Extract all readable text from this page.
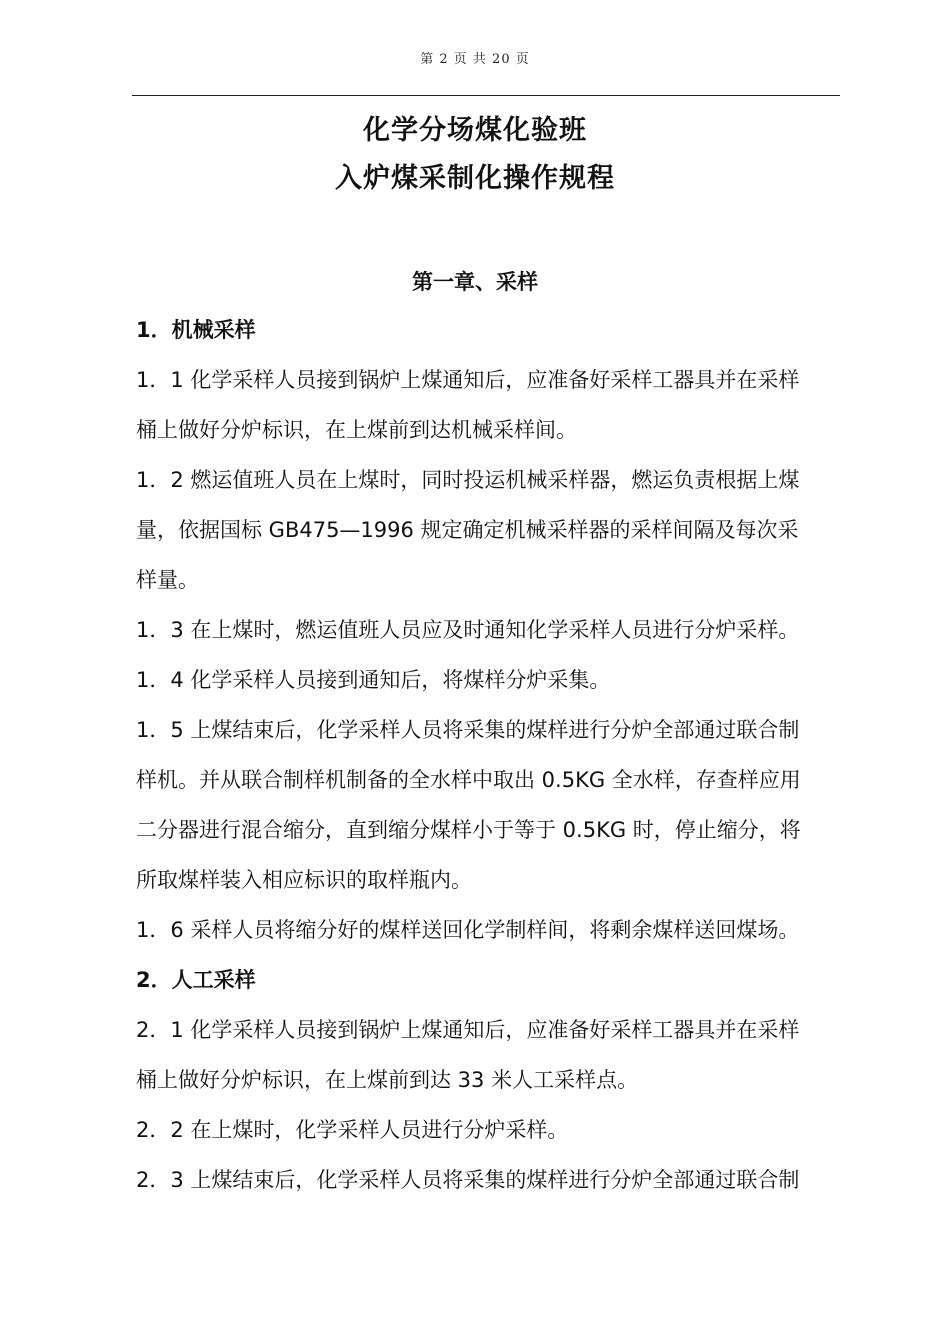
第 2 页 共 20 页
化学分场煤化验班
入炉煤采制化操作规程
第一章、采样
1．机械采样
1．1 化学采样人员接到锅炉上煤通知后，应准备好采样工器具并在采样
桶上做好分炉标识，在上煤前到达机械采样间。
1．2 燃运值班人员在上煤时，同时投运机械采样器，燃运负责根据上煤
量，依据国标 GB475—1996 规定确定机械采样器的采样间隔及每次采
样量。
1．3 在上煤时，燃运值班人员应及时通知化学采样人员进行分炉采样。
1．4 化学采样人员接到通知后，将煤样分炉采集。
1．5 上煤结束后，化学采样人员将采集的煤样进行分炉全部通过联合制
样机。并从联合制样机制备的全水样中取出 0.5KG 全水样，存查样应用
二分器进行混合缩分，直到缩分煤样小于等于 0.5KG 时，停止缩分，将
所取煤样装入相应标识的取样瓶内。
1．6 采样人员将缩分好的煤样送回化学制样间，将剩余煤样送回煤场。
2．人工采样
2．1 化学采样人员接到锅炉上煤通知后，应准备好采样工器具并在采样
桶上做好分炉标识，在上煤前到达 33 米人工采样点。
2．2 在上煤时，化学采样人员进行分炉采样。
2．3 上煤结束后，化学采样人员将采集的煤样进行分炉全部通过联合制
